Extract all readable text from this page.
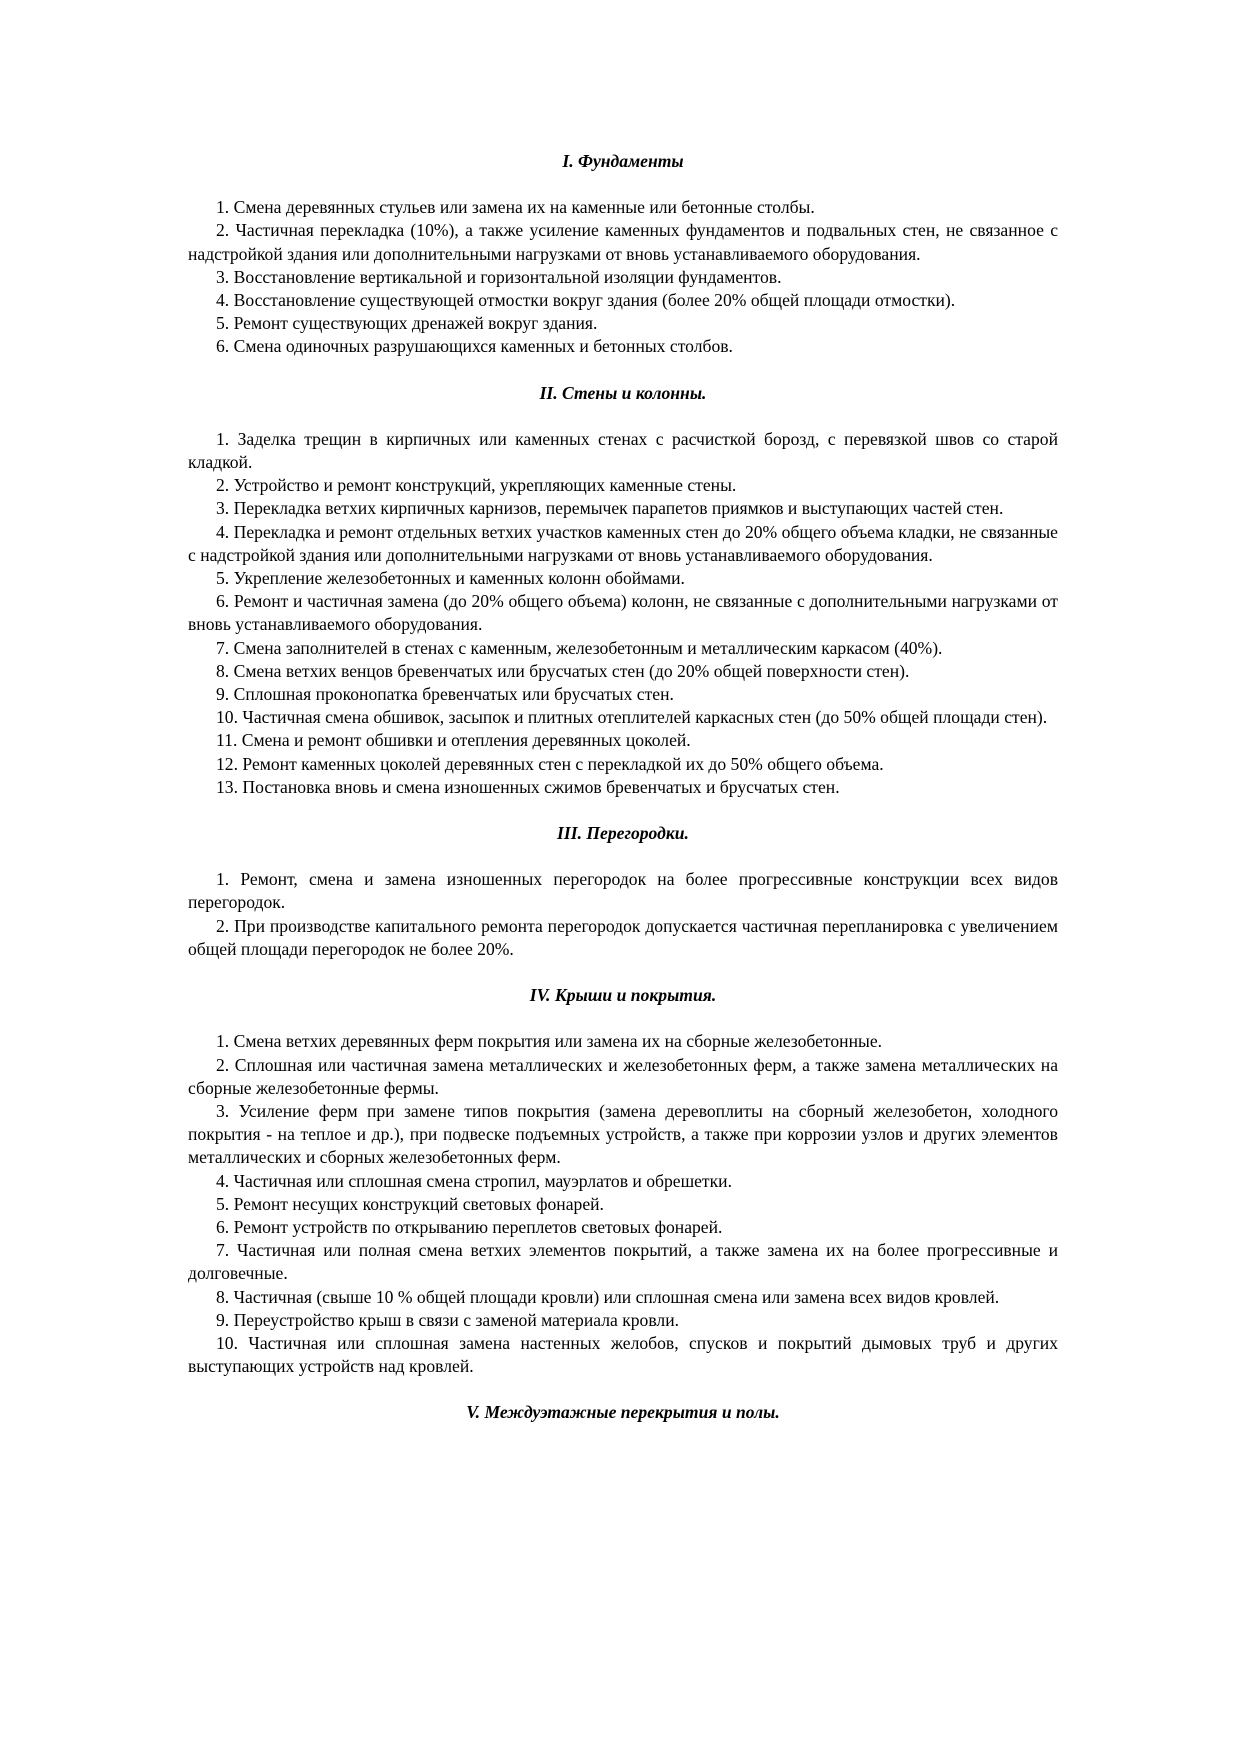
I. Фундаменты

1. Смена деревянных стульев или замена их на каменные или бетонные столбы.

2. Частичная перекладка (10%), а также усиление каменных фундаментов и подвальных стен, не связанное с надстройкой здания или дополнительными нагрузками от вновь устанавливаемого оборудования.

3. Восстановление вертикальной и горизонтальной изоляции фундаментов.

4. Восстановление существующей отмостки вокруг здания (более 20% общей площади отмостки).

5. Ремонт существующих дренажей вокруг здания.

6. Смена одиночных разрушающихся каменных и бетонных столбов.

II. Стены и колонны.

1. Заделка трещин в кирпичных или каменных стенах с расчисткой борозд, с перевязкой швов со старой кладкой.

2. Устройство и ремонт конструкций, укрепляющих каменные стены.

3. Перекладка ветхих кирпичных карнизов, перемычек парапетов приямков и выступающих частей стен.

4. Перекладка и ремонт отдельных ветхих участков каменных стен до 20% общего объема кладки, не связанные с надстройкой здания или дополнительными нагрузками от вновь устанавливаемого оборудования.

5. Укрепление железобетонных и каменных колонн обоймами.

6. Ремонт и частичная замена (до 20% общего объема) колонн, не связанные с дополнительными нагрузками от вновь устанавливаемого оборудования.

7. Смена заполнителей в стенах с каменным, железобетонным и металлическим каркасом (40%).

8. Смена ветхих венцов бревенчатых или брусчатых стен (до 20% общей поверхности стен).

9. Сплошная проконопатка бревенчатых или брусчатых стен.

10. Частичная смена обшивок, засыпок и плитных отеплителей каркасных стен (до 50% общей площади стен).

11. Смена и ремонт обшивки и отепления деревянных цоколей.

12. Ремонт каменных цоколей деревянных стен с перекладкой их до 50% общего объема.

13. Постановка вновь и смена изношенных сжимов бревенчатых и брусчатых стен.

III. Перегородки.

1. Ремонт, смена и замена изношенных перегородок на более прогрессивные конструкции всех видов перегородок.

2. При производстве капитального ремонта перегородок допускается частичная перепланировка с увеличением общей площади перегородок не более 20%.

IV. Крыши и покрытия.

1. Смена ветхих деревянных ферм покрытия или замена их на сборные железобетонные.

2. Сплошная или частичная замена металлических и железобетонных ферм, а также замена металлических на сборные железобетонные фермы.

3. Усиление ферм при замене типов покрытия (замена деревоплиты на сборный железобетон, холодного покрытия - на теплое и др.), при подвеске подъемных устройств, а также при коррозии узлов и других элементов металлических и сборных железобетонных ферм.

4. Частичная или сплошная смена стропил, мауэрлатов и обрешетки.

5. Ремонт несущих конструкций световых фонарей.

6. Ремонт устройств по открыванию переплетов световых фонарей.

7. Частичная или полная смена ветхих элементов покрытий, а также замена их на более прогрессивные и долговечные.

8. Частичная (свыше 10 % общей площади кровли) или сплошная смена или замена всех видов кровлей.

9. Переустройство крыш в связи с заменой материала кровли.

10. Частичная или сплошная замена настенных желобов, спусков и покрытий дымовых труб и других выступающих устройств над кровлей.

V. Междуэтажные перекрытия и полы.
